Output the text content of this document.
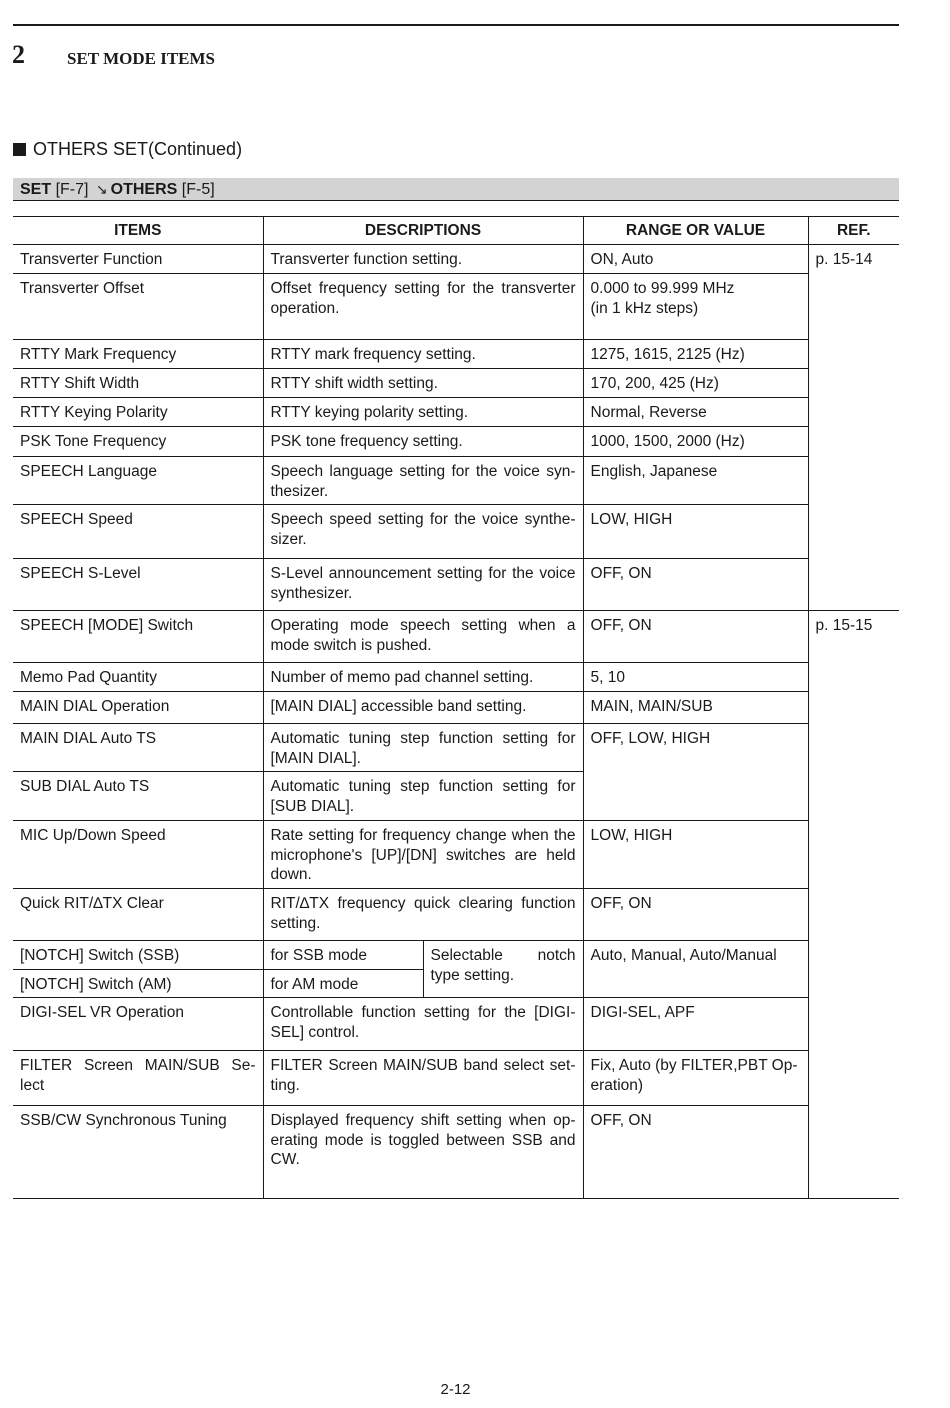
2 SET MODE ITEMS
OTHERS SET(Continued)
SET [F-7] ↘ OTHERS [F-5]
ITEMS	DESCRIPTIONS		RANGE OR VALUE	REF.
Transverter Function	Transverter function setting.		ON, Auto	p. 15-14
Transverter Offset	Offset frequency setting for the transverter operation.		0.000 to 99.999 MHz
(in 1 kHz steps)	

RTTY Mark Frequency	RTTY mark frequency setting.		1275, 1615, 2125 (Hz)	
RTTY Shift Width	RTTY shift width setting.		170, 200, 425 (Hz)	
RTTY Keying Polarity	RTTY keying polarity setting.		Normal, Reverse	
PSK Tone Frequency	PSK tone frequency setting.		1000, 1500, 2000 (Hz)	
SPEECH Language	Speech language setting for the voice syn-thesizer.		English, Japanese	
SPEECH Speed	Speech speed setting for the voice synthe-sizer.		LOW, HIGH	
SPEECH S-Level	S-Level announcement setting for the voice synthesizer.		OFF, ON	
SPEECH [MODE] Switch	Operating mode speech setting when a mode switch is pushed.		OFF, ON	p. 15-15
Memo Pad Quantity	Number of memo pad channel setting.		5, 10	
MAIN DIAL Operation	[MAIN DIAL] accessible band setting.		MAIN, MAIN/SUB	
MAIN DIAL Auto TS	Automatic tuning step function setting for [MAIN DIAL].		OFF, LOW, HIGH	
SUB DIAL Auto TS	Automatic tuning step function setting for [SUB DIAL].			
MIC Up/Down Speed	Rate setting for frequency change when the microphone's [UP]/[DN] switches are held down.		LOW, HIGH	
Quick RIT/∆TX Clear	RIT/∆TX frequency quick clearing function setting.		OFF, ON	
[NOTCH] Switch (SSB)	for SSB mode	Selectable notch type setting.	Auto, Manual, Auto/Manual	
[NOTCH] Switch (AM)	for AM mode			
DIGI-SEL VR Operation	Controllable function setting for the [DIGI-SEL] control.		DIGI-SEL, APF	
FILTER Screen MAIN/SUB Se-lect	FILTER Screen MAIN/SUB band select set-ting.		Fix, Auto (by FILTER,PBT Op-eration)	
SSB/CW Synchronous Tuning	Displayed frequency shift setting when op-erating mode is toggled between SSB and CW.		OFF, ON	
2-12
